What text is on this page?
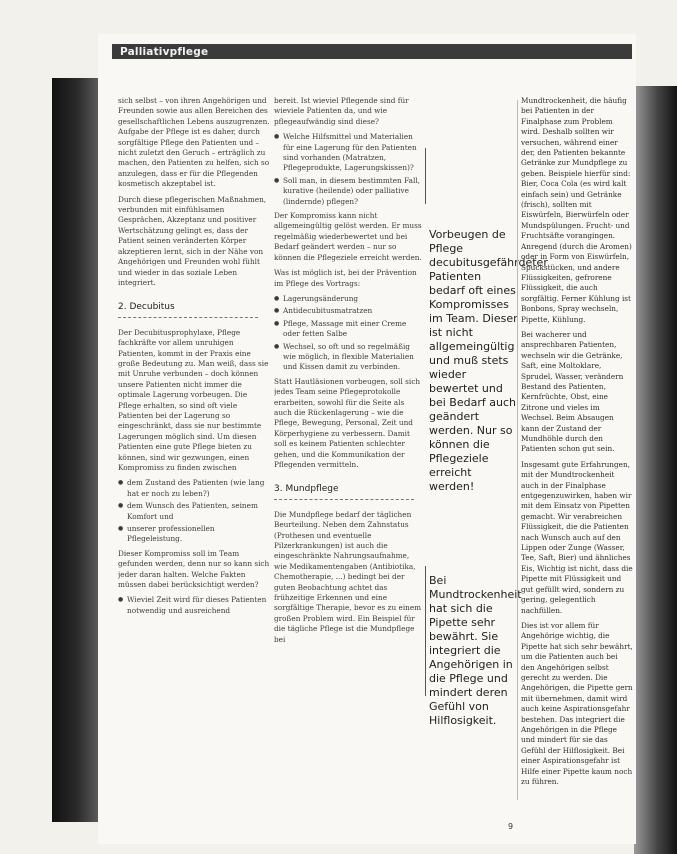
Palliativpflege

sich selbst – von ihren Angehörigen und Freunden sowie aus allen Bereichen des gesellschaftlichen Lebens auszugrenzen. Aufgabe der Pflege ist es daher, durch sorgfältige Pflege den Patienten und – nicht zuletzt den Geruch – erträglich zu machen, den Patienten zu helfen, sich so anzulegen, dass er für die Pflegenden kosmetisch akzeptabel ist.

Durch diese pflegerischen Maßnahmen, verbunden mit einfühlsamen Gesprächen, Akzeptanz und positiver Wertschätzung gelingt es, dass der Patient seinen veränderten Körper akzeptieren lernt, sich in der Nähe von Angehörigen und Freunden wohl fühlt und wieder in das soziale Leben integriert.

2. Decubitus

Der Decubitusprophylaxe, Pflege fachkräfte vor allem unruhigen Patienten, kommt in der Praxis eine große Bedeutung zu. Man weiß, dass sie mit Unruhe verbunden – doch können unsere Patienten nicht immer die optimale Lagerung vorbeugen. Die Pflege erhalten, so sind oft viele Patienten bei der Lagerung so eingeschränkt, dass sie nur bestimmte Lagerungen möglich sind. Um diesen Patienten eine gute Pflege bieten zu können, sind wir gezwungen, einen Kompromiss zu finden zwischen

● dem Zustand des Patienten (wie lang hat er noch zu leben?)
● dem Wunsch des Patienten, seinem Komfort und
● unserer professionellen Pflegeleistung.

Dieser Kompromiss soll im Team gefunden werden, denn nur so kann sich jeder daran halten. Welche Fakten müssen dabei berücksichtigt werden?

● Wieviel Zeit wird für dieses Patienten notwendig und ausreichend

bereit. Ist wieviel Pflegende sind für wieviele Patienten da, und wie pflegeaufwändig sind diese?

● Welche Hilfsmittel und Materialien für eine Lagerung für den Patienten sind vorhanden (Matratzen, Pflegeprodukte, Lagerungskissen)?
● Soll man, in diesem bestimmten Fall, kurative (heilende) oder palliative (lindernde) pflegen?

Der Kompromiss kann nicht allgemeingültig gelöst werden. Er muss regelmäßig wiederbewertet und bei Bedarf geändert werden – nur so können die Pflegeziele erreicht werden.

Was ist möglich ist, bei der Prävention im Pflege des Vortrags:

● Lagerungsänderung
● Antidecubitusmatratzen
● Pflege, Massage mit einer Creme oder fetten Salbe
● Wechsel, so oft und so regelmäßig wie möglich, in flexible Materialien und Kissen damit zu verbinden.

Statt Hautläsionen vorbeugen, soll sich jedes Team seine Pflegeprotokolle erarbeiten, sowohl für die Seite als auch die Rückenlagerung – wie die Pflege, Bewegung, Personal, Zeit und Körperhygiene zu verbessern. Damit soll es keinem Patienten schlechter gehen, und die Kommunikation der Pflegenden vermitteln.

3. Mundpflege

Die Mundpflege bedarf der täglichen Beurteilung. Neben dem Zahnstatus (Prothesen und eventuelle Pilzerkrankungen) ist auch die eingeschränkte Nahrungsaufnahme, wie Medikamentengaben (Antibiotika, Chemotherapie, ...) bedingt bei der guten Beobachtung achtet das frühzeitige Erkennen und eine sorgfältige Therapie, bevor es zu einem großen Problem wird. Ein Beispiel für die tägliche Pflege ist die Mundpflege bei

Vorbeugen de Pflege decubitusgefährdeter Patienten bedarf oft eines Kompromisses im Team. Dieser ist nicht allgemeingültig und muß stets wieder bewertet und bei Bedarf auch geändert werden. Nur so können die Pflegeziele erreicht werden!
Bei Mundtrockenheit hat sich die Pipette sehr bewährt. Sie integriert die Angehörigen in die Pflege und mindert deren Gefühl von Hilflosigkeit.

Mundtrockenheit, die häufig bei Patienten in der Finalphase zum Problem wird. Deshalb sollten wir versuchen, während einer der, den Patienten bekannte Getränke zur Mundpflege zu geben. Beispiele hierfür sind: Bier, Coca Cola (es wird kalt einfach sein) und Getränke (frisch), sollten mit Eiswürfeln, Bierwürfeln oder Mundspülungen. Frucht- und Fruchtsäfte vorangingen. Anregend (durch die Aromen) oder in Form von Eiswürfeln, Spuckstücken, und andere Flüssigkeiten, gefrorene Flüssigkeit, die auch sorgfältig. Ferner Kühlung ist Bonbons, Spray wechseln, Pipette, Kühlung.

Bei wacherer und ansprechbaren Patienten, wechseln wir die Getränke, Saft, eine Moltoklare, Sprudel, Wasser, verändern Bestand des Patienten, Kernfrüchte, Obst, eine Zitrone und vieles im Wechsel. Beim Absaugen kann der Zustand der Mundhöhle durch den Patienten schon gut sein.

Insgesamt gute Erfahrungen, mit der Mundtrockenheit auch in der Finalphase entgegenzuwirken, haben wir mit dem Einsatz von Pipetten gemacht. Wir verabreichen Flüssigkeit, die die Patienten nach Wunsch auch auf den Lippen oder Zunge (Wasser, Tee, Saft, Bier) und ähnliches Eis, Wichtig ist nicht, dass die Pipette mit Flüssigkeit und gut gefüllt wird, sondern zu gering, gelegentlich nachfüllen.

Dies ist vor allem für Angehörige wichtig, die Pipette hat sich sehr bewährt, um die Patienten auch bei den Angehörigen selbst gerecht zu werden. Die Angehörigen, die Pipette gern mit übernehmen, damit wird auch keine Aspirationsgefahr bestehen. Das integriert die Angehörigen in die Pflege und mindert für sie das Gefühl der Hilflosigkeit. Bei einer Aspirationsgefahr ist Hilfe einer Pipette kaum noch zu führen.

9
